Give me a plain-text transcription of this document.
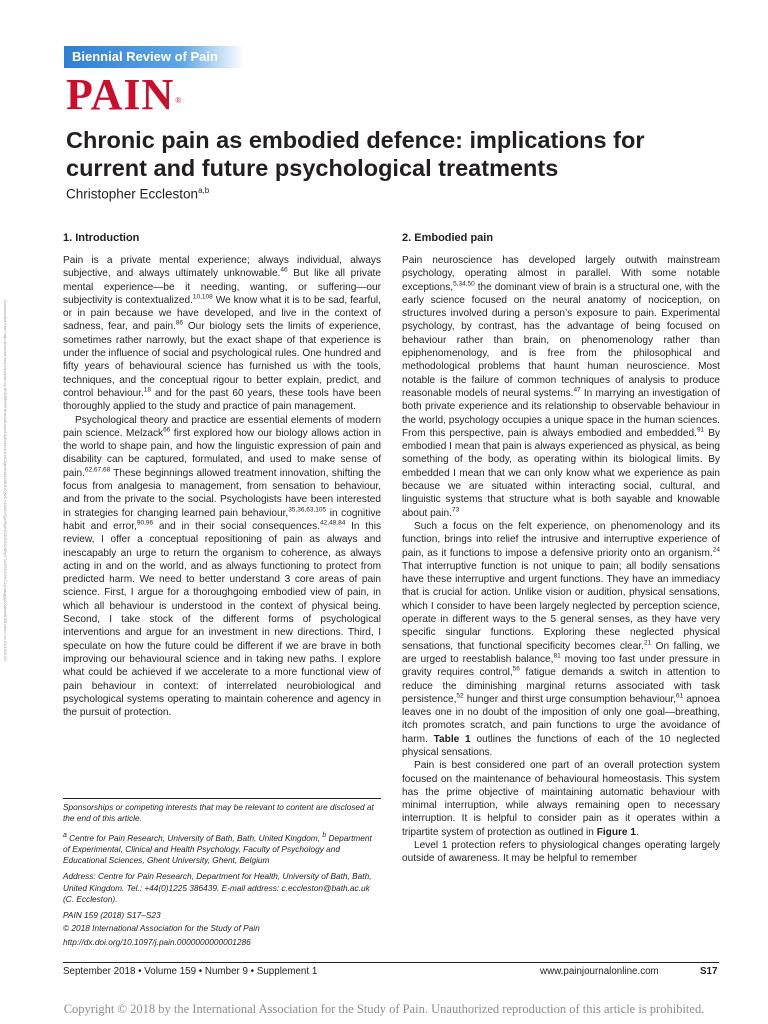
Biennial Review of Pain
PAIN®
Chronic pain as embodied defence: implications for current and future psychological treatments
Christopher Eccleston$^{a,b}$
Downloaded from http://journals.lww.com/pain by BhDMf5ePHKav1zEoum1tQfN4a+kJLhEZgbsIHo4XMi0hCywCX1AWnYQp/IlQrHD3i3D0OdRyi7TvSFl4Cf3VC1y0abggQZXdtwnfKZBYtws= on 02/15/2019
1. Introduction

Pain is a private mental experience; always individual, always subjective, and always ultimately unknowable.$^{46}$ But like all private mental experience—be it needing, wanting, or suffering—our subjectivity is contextualized.$^{10,108}$ We know what it is to be sad, fearful, or in pain because we have developed, and live in the context of sadness, fear, and pain.$^{86}$ Our biology sets the limits of experience, sometimes rather narrowly, but the exact shape of that experience is under the influence of social and psychological rules. One hundred and fifty years of behavioural science has furnished us with the tools, techniques, and the conceptual rigour to better explain, predict, and control behaviour.$^{18}$ and for the past 60 years, these tools have been thoroughly applied to the study and practice of pain management.

Psychological theory and practice are essential elements of modern pain science. Melzack$^{66}$ first explored how our biology allows action in the world to shape pain, and how the linguistic expression of pain and disability can be captured, formulated, and used to make sense of pain.$^{62,67,68}$ These beginnings allowed treatment innovation, shifting the focus from analgesia to management, from sensation to behaviour, and from the private to the social. Psychologists have been interested in strategies for changing learned pain behaviour,$^{35,36,63,105}$ in cognitive habit and error,$^{90,96}$ and in their social consequences.$^{42,48,84}$ In this review, I offer a conceptual repositioning of pain as always and inescapably an urge to return the organism to coherence, as always acting in and on the world, and as always functioning to protect from predicted harm. We need to better understand 3 core areas of pain science. First, I argue for a thoroughgoing embodied view of pain, in which all behaviour is understood in the context of physical being. Second, I take stock of the different forms of psychological interventions and argue for an investment in new directions. Third, I speculate on how the future could be different if we are brave in both improving our behavioural science and in taking new paths. I explore what could be achieved if we accelerate to a more functional view of pain behaviour in context: of interrelated neurobiological and psychological systems operating to maintain coherence and agency in the pursuit of protection.

Sponsorships or competing interests that may be relevant to content are disclosed at the end of this article.

$^a$ Centre for Pain Research, University of Bath, Bath, United Kingdom, $^b$ Department of Experimental, Clinical and Health Psychology, Faculty of Psychology and Educational Sciences, Ghent University, Ghent, Belgium

Address: Centre for Pain Research, Department for Health, University of Bath, Bath, United Kingdom. Tel.: +44(0)1225 386439. E-mail address: c.eccleston@bath.ac.uk (C. Eccleston).

PAIN 159 (2018) S17–S23

© 2018 International Association for the Study of Pain

http://dx.doi.org/10.1097/j.pain.0000000000001286

2. Embodied pain

Pain neuroscience has developed largely outwith mainstream psychology, operating almost in parallel. With some notable exceptions,$^{5,34,50}$ the dominant view of brain is a structural one, with the early science focused on the neural anatomy of nociception, on structures involved during a person’s exposure to pain. Experimental psychology, by contrast, has the advantage of being focused on behaviour rather than brain, on phenomenology rather than epiphenomenology, and is free from the philosophical and methodological problems that haunt human neuroscience. Most notable is the failure of common techniques of analysis to produce reasonable models of neural systems.$^{47}$ In marrying an investigation of both private experience and its relationship to observable behaviour in the world, psychology occupies a unique space in the human sciences. From this perspective, pain is always embodied and embedded.$^{91}$ By embodied I mean that pain is always experienced as physical, as being something of the body, as operating within its biological limits. By embedded I mean that we can only know what we experience as pain because we are situated within interacting social, cultural, and linguistic systems that structure what is both sayable and knowable about pain.$^{73}$

Such a focus on the felt experience, on phenomenology and its function, brings into relief the intrusive and interruptive experience of pain, as it functions to impose a defensive priority onto an organism.$^{24}$ That interruptive function is not unique to pain; all bodily sensations have these interruptive and urgent functions. They have an immediacy that is crucial for action. Unlike vision or audition, physical sensations, which I consider to have been largely neglected by perception science, operate in different ways to the 5 general senses, as they have very specific singular functions. Exploring these neglected physical sensations, that functional specificity becomes clear.$^{21}$ On falling, we are urged to reestablish balance,$^{81}$ moving too fast under pressure in gravity requires control,$^{56}$ fatigue demands a switch in attention to reduce the diminishing marginal returns associated with task persistence,$^{52}$ hunger and thirst urge consumption behaviour,$^{61}$ apnoea leaves one in no doubt of the imposition of only one goal—breathing, itch promotes scratch, and pain functions to urge the avoidance of harm. Table 1 outlines the functions of each of the 10 neglected physical sensations.

Pain is best considered one part of an overall protection system focused on the maintenance of behavioural homeostasis. This system has the prime objective of maintaining automatic behaviour with minimal interruption, while always remaining open to necessary interruption. It is helpful to consider pain as it operates within a tripartite system of protection as outlined in Figure 1.

Level 1 protection refers to physiological changes operating largely outside of awareness. It may be helpful to remember

September 2018 • Volume 159 • Number 9 • Supplement 1	www.painjournalonline.com	S17
Copyright © 2018 by the International Association for the Study of Pain. Unauthorized reproduction of this article is prohibited.
